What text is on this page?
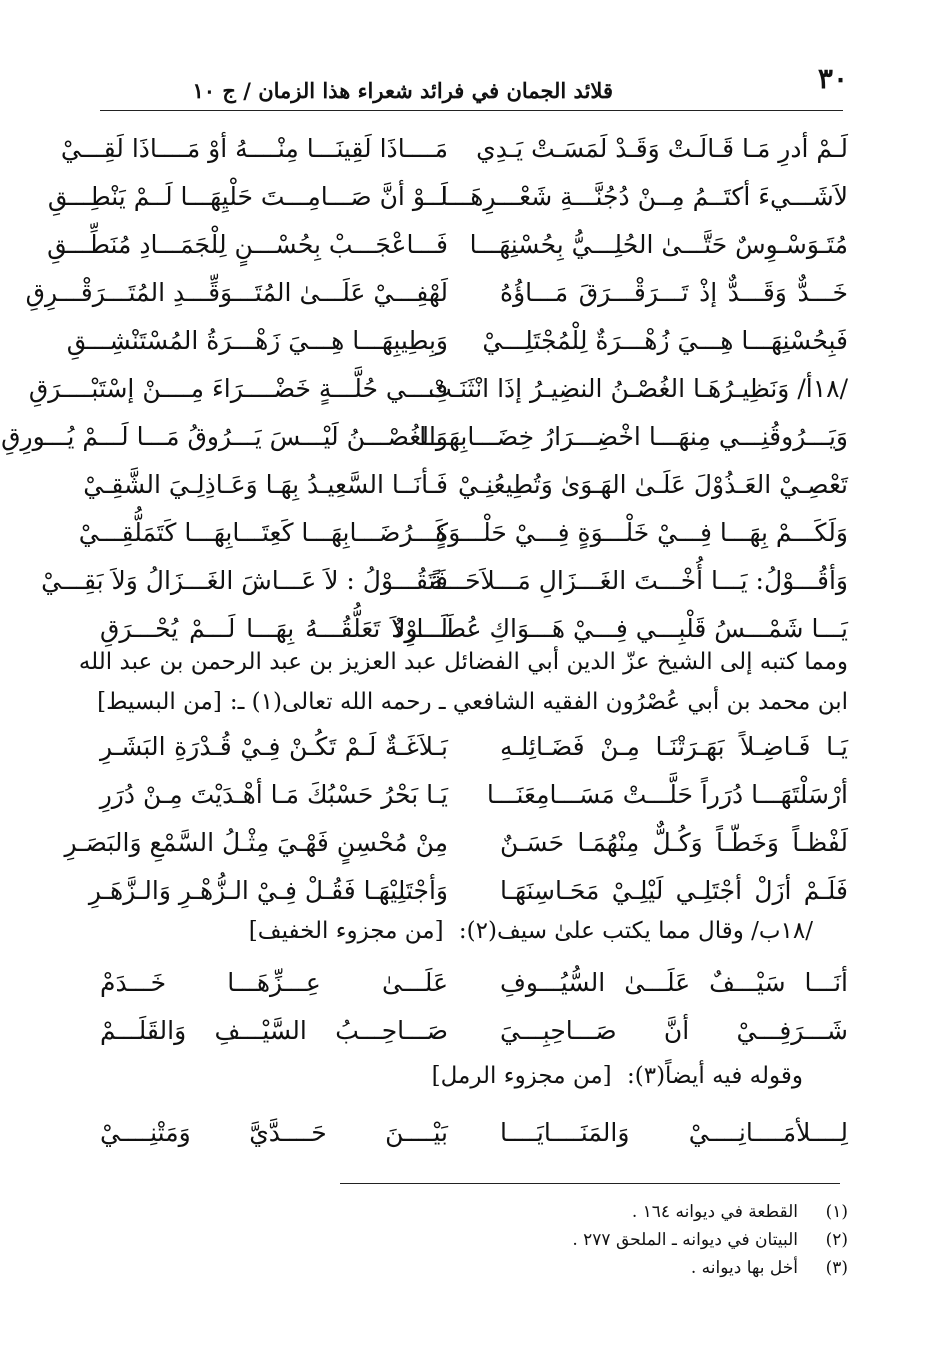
٣٠
قلائد الجمان في فرائد شعراء هذا الزمان / ج ١٠
لَـمْ أدرِ مَـا قَـالَـتْ وَقَـدْ لَمَسَـتْ يَـدِي
مَــــاذَا لَقِينَـــا مِنْــــهُ أوْ مَــــاذَا لَقِـــيْ
لاَشَـــيءَ أكتَــمُ مِــنْ دُجُنَّـــةِ شَعْـــرِهَـــا
لَــوْ أنَّ صَـــامِـــتَ حَلْيِهَـــا لَــمْ يَنْطِـــقِ
مُتَـوَسْـوِسٌ حَتَّـــىٰ الحُلِـــيُّ بِحُسْنِهَـــا
فَـــاعْجَـــبْ بِحُسْـــنٍ لِلْجَمَـــادِ مُنَطِّـــقِ
خَـــدٌّ وَقَـــدٌّ إذْ تَـــرَقْـــرَقَ مَـــاؤُهُ
لَهْفِـــيْ عَلَـــىٰ المُتَـــوَقِّـــدِ المُتَـــرَقْـــرِقِ
فَبِحُسْنِهَـــا هِـــيَ زُهْـــرَةٌ لِلْمُجْتَلِـــيْ
وَبِطِيبِهَـــا هِـــيَ زَهْـــرَةُ المُسْتَنْشِـــقِ
/١٨أ/ وَنَظِيـرُهَـا الغُصْـنُ النضِيـرُ إذَا انْثَنَـتْ
فِــــي حُلَّـــةٍ خَضْــــرَاءَ مِــــنْ إسْتَبْــــرَقِ
وَيَـــرُوقُنِـــي مِنهَـــا اخْضِـــرَارُ خِضَـــابِهَـــا
وَالغُصْـــنُ لَيْـــسَ يَـــرُوقُ مَـــا لَـــمْ يُـــورِقِ
تَعْصِـيْ العَـذُوْلَ عَلَـىٰ الهَـوَىٰ وَتُطِيعُنِـيْ
فَـأنَــا السَّعِيـدُ بِهَـا وَعَـاذِلِـيَ الشَّقِـيْ
وَلَكَـــمْ بِهَـــا فِـــيْ خَلْـــوَةٍ فِـــيْ حَلْـــوَةٍ
كَـــرُضَـــابِهَـــا كَعِتَـــابِهَـــا كَتَمَلُّقِـــيْ
وَأقُـــوْلُ: يَـــا أُخْـــتَ الغَـــزَالِ مَـــلاَحَـــةً
فَتَقُـــوْلُ : لاَ عَـــاشَ الغَـــزَالُ وَلاَ بَقِـــيْ
يَـــا شَمْـــسُ قَلْبِـــي فِـــيْ هَـــوَاكِ عُطَـــارِدٌ
لَـــوْلاَ تَعَلُّقُـــهُ بِهَـــا لَـــمْ يُحْـــرَقِ
ومما كتبه إلى الشيخ عزّ الدين أبي الفضائل عبد العزيز بن عبد الرحمن بن عبد الله
ابن محمد بن أبي عُصْرُون الفقيه الشافعي ـ رحمه الله تعالى(١) ـ:[من البسيط]
يَـا فَـاضِـلاً بَهَـرَتْنَـا مِـنْ فَضَـائِلـهِ
بَـلاَغَـةٌ لَـمْ تَكُـنْ فِـيْ قُـدْرَةِ البَشَـرِ
أرْسَلْتَهَـــا دُرَراً حَلَّـــتْ مَسَـــامِعَنَـــا
يَـا بَحْرُ حَسْبُكَ مَـا أهْـدَيْتَ مِـنْ دُرَرِ
لَفْظـاً وَخَطّـاً وَكُـلٌّ مِنْهُمَـا حَسَـنٌ
مِنْ مُحْسِنٍ فَهْـيَ مِثْـلُ السَّمْعِ وَالبَصَـرِ
فَلَـمْ أزَلْ أجْتَلِـي لَيْلِـيْ مَحَـاسِنَهَـا
وَأجْتَلِيْهَـا فَقُـلْ فِـيْ الـزُّهْـرِ وَالـزَّهَـرِ
/١٨ب/ وقال مما يكتب علىٰ سيف(٢): [من مجزوء الخفيف]
أنَـــا سَيْـــفٌ عَلَـــىٰ السُّيُـــوفِ
عَلَـــىٰ عِـــزِّهَـــا خَـــدَمْ
شَـــرَفِـــيْ أنَّ صَـــاحِبِـــيَ
صَـــاحِـــبُ السَّيْـــفِ وَالقَلَـــمْ
وقوله فيه أيضاً(٣): [من مجزوء الرمل]
لِــــلأمَــــانِــــيْ وَالمَنَــــايَــــا
بَيْــــنَ حَــــدَّيَّ وَمَتْنِــــيْ
(١)
القطعة في ديوانه ١٦٤ .
(٢)
البيتان في ديوانه ـ الملحق ٢٧٧ .
(٣)
أخل بها ديوانه .
